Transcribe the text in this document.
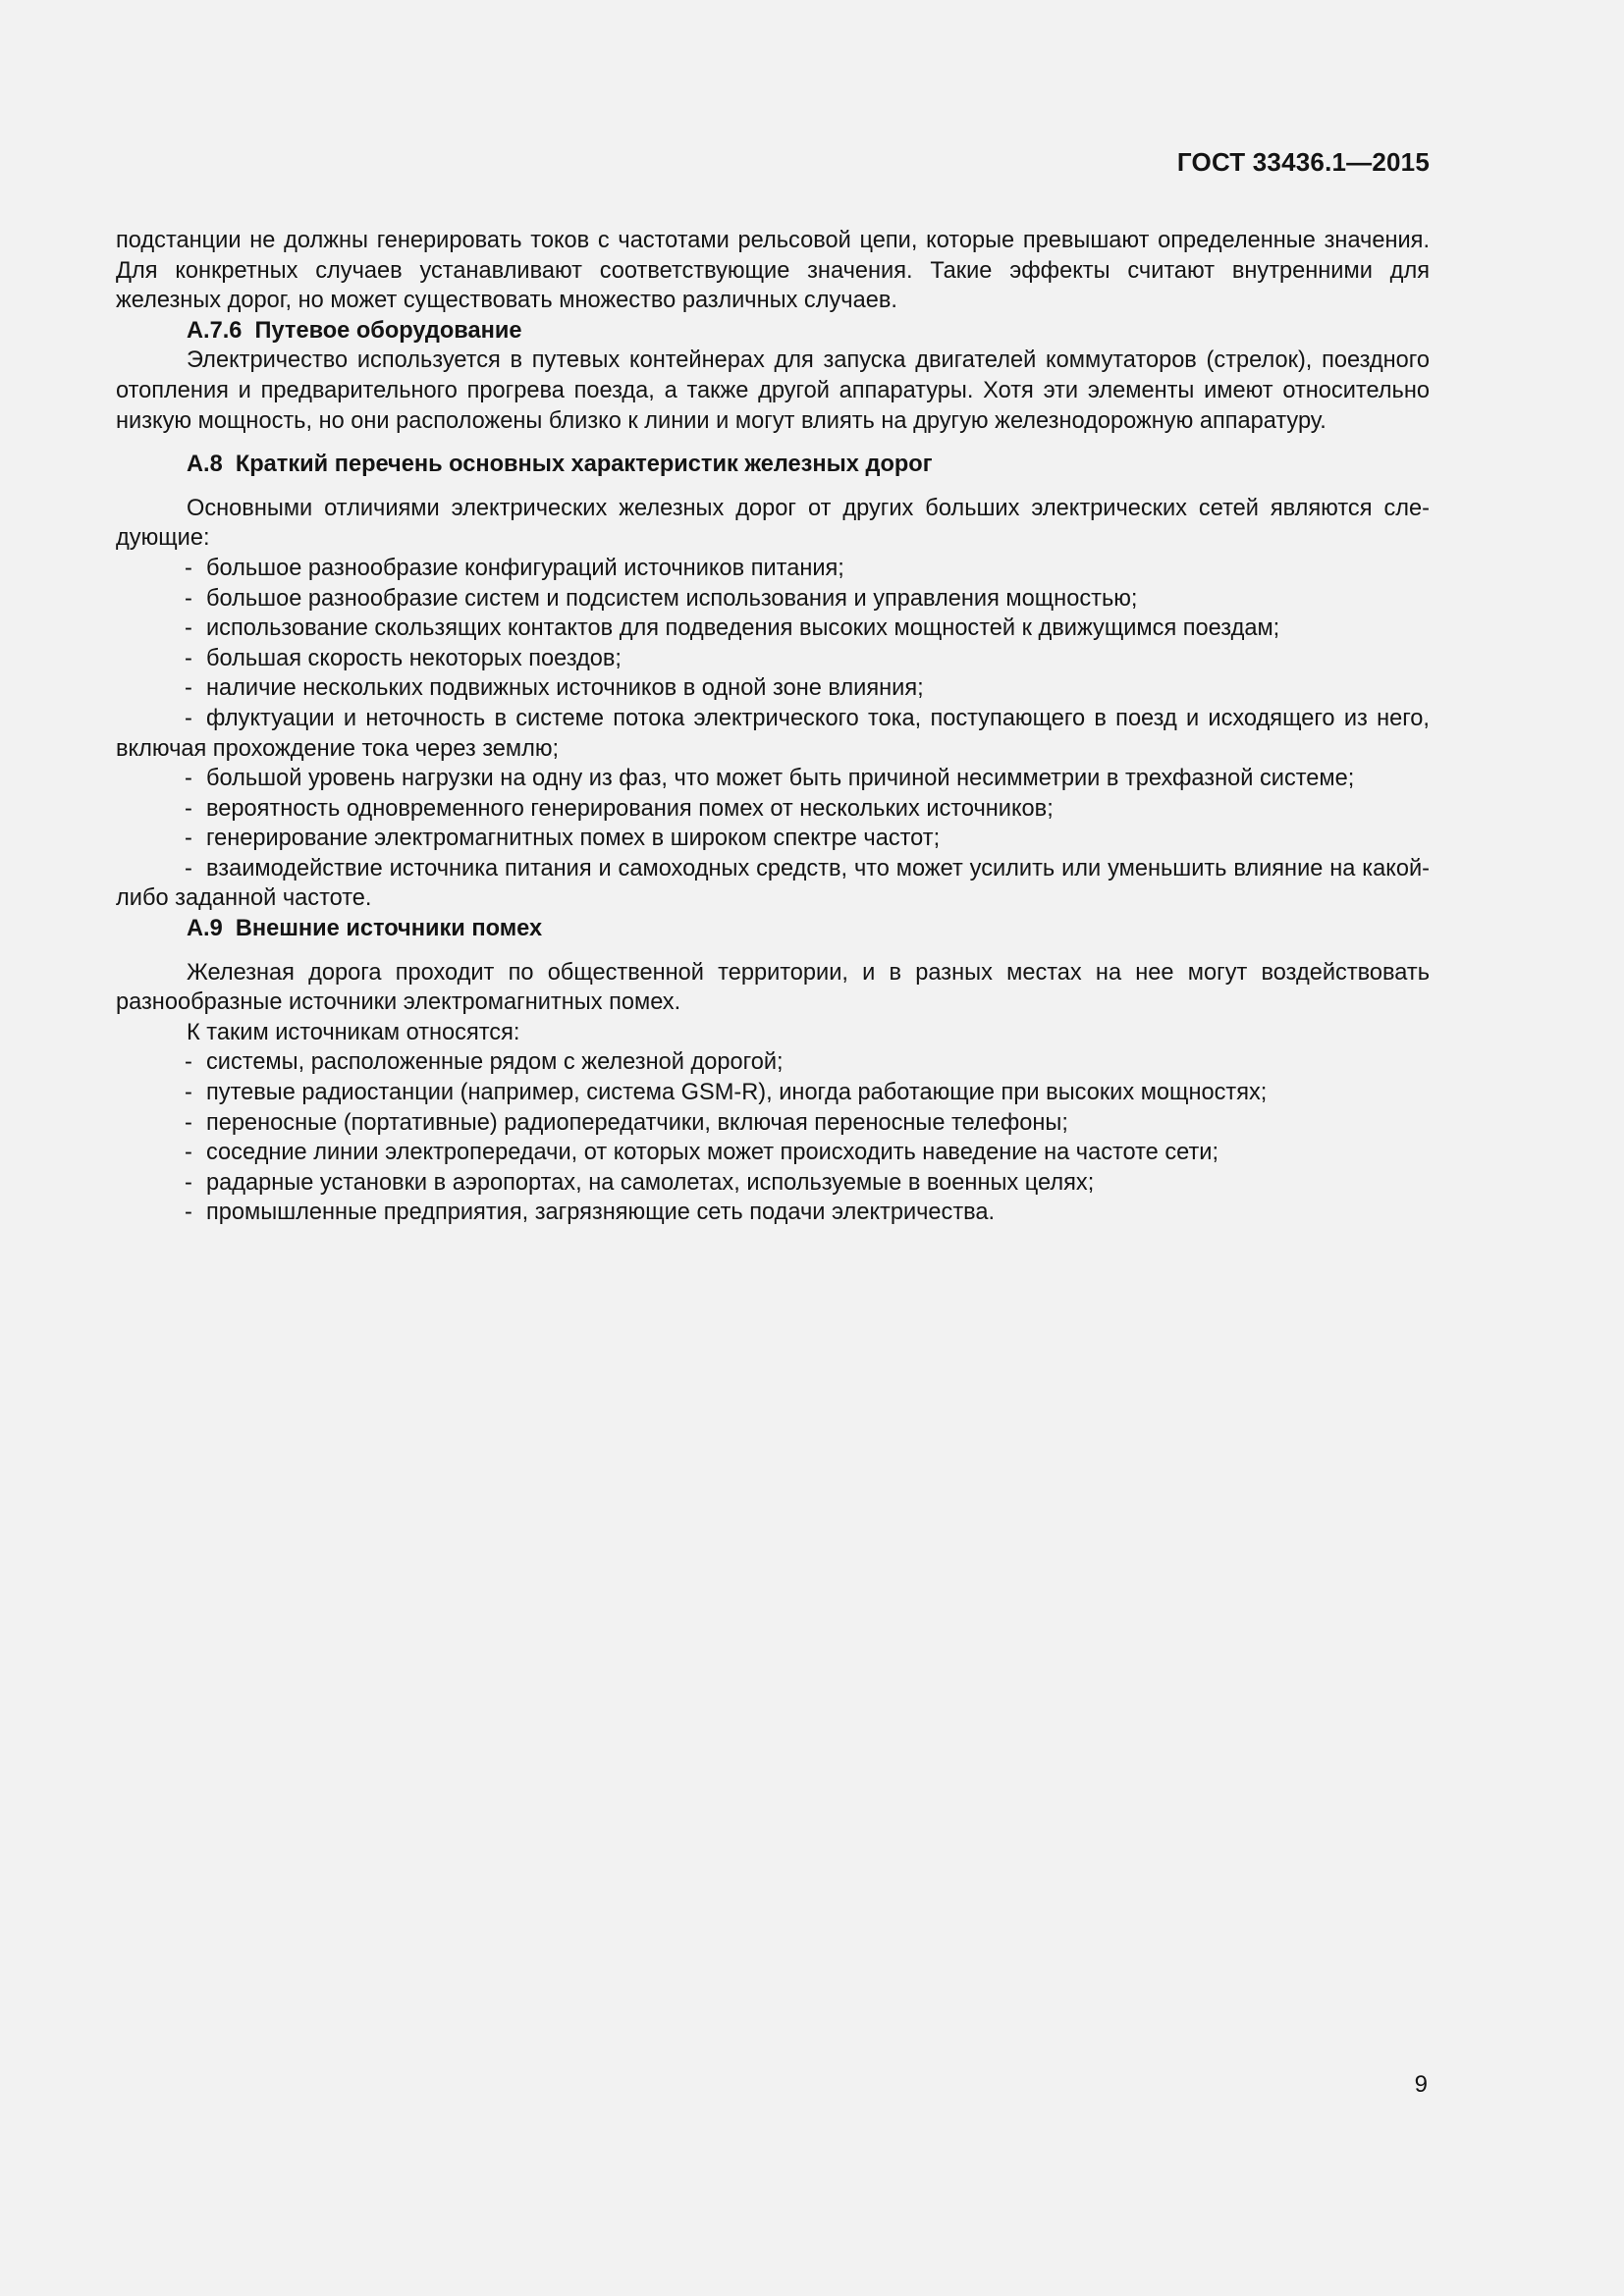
ГОСТ 33436.1—2015

подстанции не должны генерировать токов с частотами рельсовой цепи, которые превышают определенные значения. Для конкретных случаев устанавливают соответствующие значения. Такие эффекты считают внутренними для железных дорог, но может существовать множество различных случаев.

А.7.6 Путевое оборудование

Электричество используется в путевых контейнерах для запуска двигателей коммутаторов (стрелок), поездного отопления и предварительного прогрева поезда, а также другой аппаратуры. Хотя эти элементы имеют относительно низкую мощность, но они расположены близко к линии и могут влиять на другую железнодорожную аппаратуру.

А.8 Краткий перечень основных характеристик железных дорог

Основными отличиями электрических железных дорог от других больших электрических сетей являются следующие:

- большое разнообразие конфигураций источников питания;

- большое разнообразие систем и подсистем использования и управления мощностью;

- использование скользящих контактов для подведения высоких мощностей к движущимся поездам;

- большая скорость некоторых поездов;

- наличие нескольких подвижных источников в одной зоне влияния;

- флуктуации и неточность в системе потока электрического тока, поступающего в поезд и исходящего из него, включая прохождение тока через землю;

- большой уровень нагрузки на одну из фаз, что может быть причиной несимметрии в трехфазной системе;

- вероятность одновременного генерирования помех от нескольких источников;

- генерирование электромагнитных помех в широком спектре частот;

- взаимодействие источника питания и самоходных средств, что может усилить или уменьшить влияние на какой-либо заданной частоте.

А.9 Внешние источники помех

Железная дорога проходит по общественной территории, и в разных местах на нее могут воздействовать разнообразные источники электромагнитных помех.

К таким источникам относятся:

- системы, расположенные рядом с железной дорогой;

- путевые радиостанции (например, система GSM-R), иногда работающие при высоких мощностях;

- переносные (портативные) радиопередатчики, включая переносные телефоны;

- соседние линии электропередачи, от которых может происходить наведение на частоте сети;

- радарные установки в аэропортах, на самолетах, используемые в военных целях;

- промышленные предприятия, загрязняющие сеть подачи электричества.

9
